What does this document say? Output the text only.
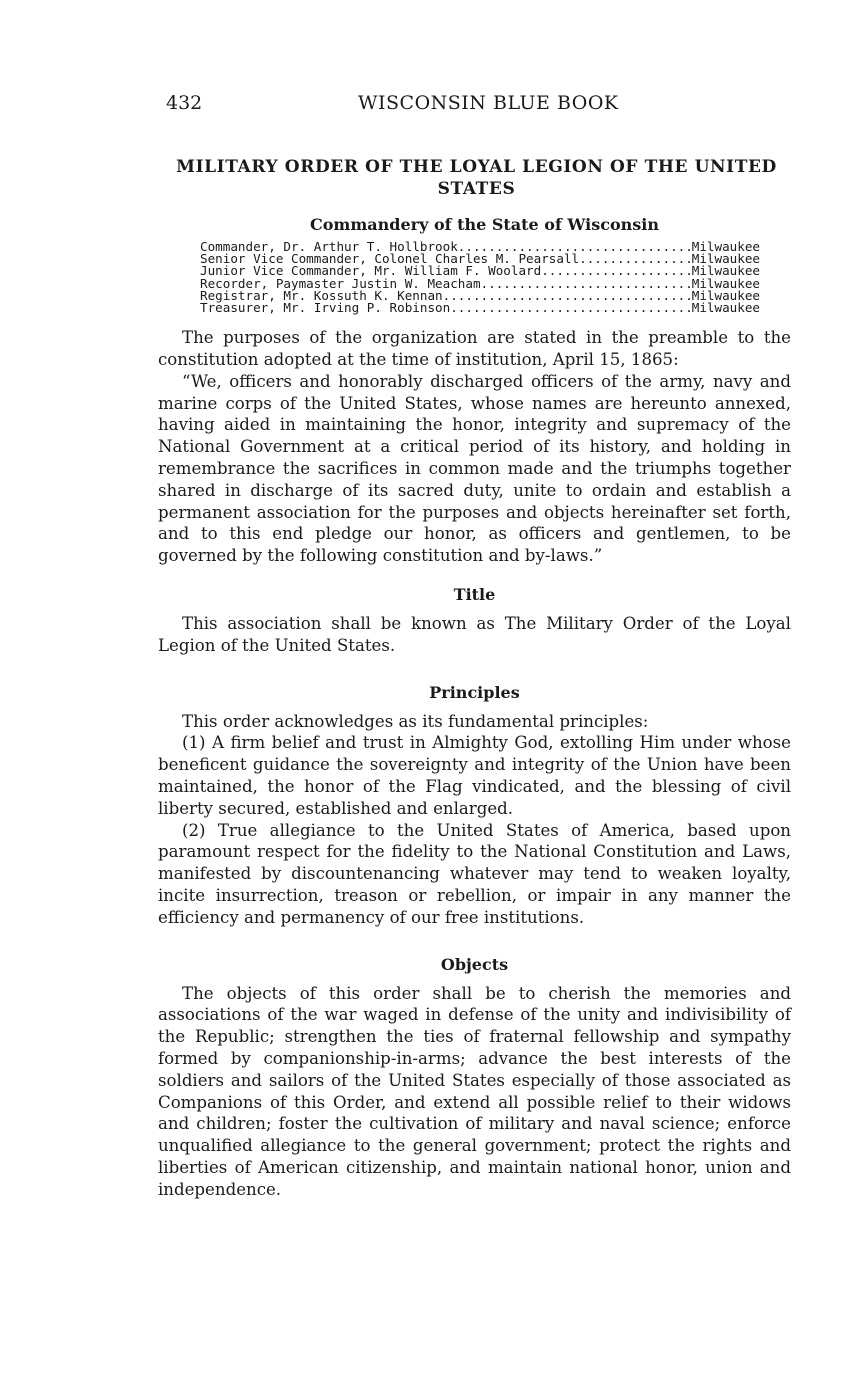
432	WISCONSIN BLUE BOOK
MILITARY ORDER OF THE LOYAL LEGION OF THE UNITED STATES
Commandery of the State of Wisconsin
Commander, Dr. Arthur T. Hollbrook .....	Milwaukee
Senior Vice Commander, Colonel Charles M. Pearsall .....	Milwaukee
Junior Vice Commander, Mr. William F. Woolard .....	Milwaukee
Recorder, Paymaster Justin W. Meacham .....	Milwaukee
Registrar, Mr. Kossuth K. Kennan .....	Milwaukee
Treasurer, Mr. Irving P. Robinson .....	Milwaukee

The purposes of the organization are stated in the preamble to the constitution adopted at the time of institution, April 15, 1865:

“We, officers and honorably discharged officers of the army, navy and marine corps of the United States, whose names are hereunto annexed, having aided in maintaining the honor, integrity and supremacy of the National Government at a critical period of its history, and holding in remembrance the sacrifices in common made and the triumphs together shared in discharge of its sacred duty, unite to ordain and establish a permanent association for the purposes and objects hereinafter set forth, and to this end pledge our honor, as officers and gentlemen, to be governed by the following constitution and by-laws.”

Title

This association shall be known as The Military Order of the Loyal Legion of the United States.

Principles

This order acknowledges as its fundamental principles:

(1) A firm belief and trust in Almighty God, extolling Him under whose beneficent guidance the sovereignty and integrity of the Union have been maintained, the honor of the Flag vindicated, and the blessing of civil liberty secured, established and enlarged.

(2) True allegiance to the United States of America, based upon paramount respect for the fidelity to the National Constitution and Laws, manifested by discountenancing whatever may tend to weaken loyalty, incite insurrection, treason or rebellion, or impair in any manner the efficiency and permanency of our free institutions.

Objects

The objects of this order shall be to cherish the memories and associations of the war waged in defense of the unity and indivisibility of the Republic; strengthen the ties of fraternal fellowship and sympathy formed by companionship-in-arms; advance the best interests of the soldiers and sailors of the United States especially of those associated as Companions of this Order, and extend all possible relief to their widows and children; foster the cultivation of military and naval science; enforce unqualified allegiance to the general government; protect the rights and liberties of American citizenship, and maintain national honor, union and independence.
